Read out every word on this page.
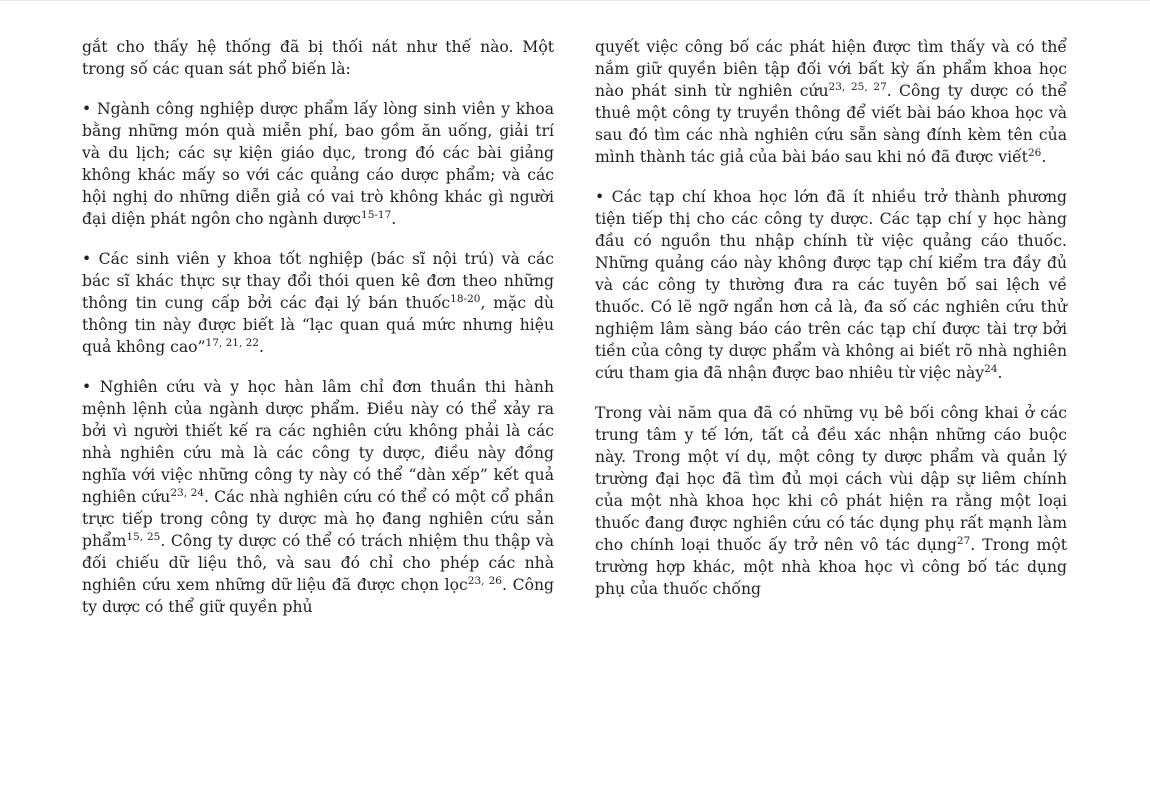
gắt cho thấy hệ thống đã bị thối nát như thế nào. Một trong số các quan sát phổ biến là:

• Ngành công nghiệp dược phẩm lấy lòng sinh viên y khoa bằng những món quà miễn phí, bao gồm ăn uống, giải trí và du lịch; các sự kiện giáo dục, trong đó các bài giảng không khác mấy so với các quảng cáo dược phẩm; và các hội nghị do những diễn giả có vai trò không khác gì người đại diện phát ngôn cho ngành dược$^{15-17}$.

• Các sinh viên y khoa tốt nghiệp (bác sĩ nội trú) và các bác sĩ khác thực sự thay đổi thói quen kê đơn theo những thông tin cung cấp bởi các đại lý bán thuốc$^{18-20}$, mặc dù thông tin này được biết là “lạc quan quá mức nhưng hiệu quả không cao”$^{17, 21, 22}$.

• Nghiên cứu và y học hàn lâm chỉ đơn thuần thi hành mệnh lệnh của ngành dược phẩm. Điều này có thể xảy ra bởi vì người thiết kế ra các nghiên cứu không phải là các nhà nghiên cứu mà là các công ty dược, điều này đồng nghĩa với việc những công ty này có thể “dàn xếp” kết quả nghiên cứu$^{23, 24}$. Các nhà nghiên cứu có thể có một cổ phần trực tiếp trong công ty dược mà họ đang nghiên cứu sản phẩm$^{15, 25}$. Công ty dược có thể có trách nhiệm thu thập và đối chiếu dữ liệu thô, và sau đó chỉ cho phép các nhà nghiên cứu xem những dữ liệu đã được chọn lọc$^{23, 26}$. Công ty dược có thể giữ quyền phủ

quyết việc công bố các phát hiện được tìm thấy và có thể nắm giữ quyền biên tập đối với bất kỳ ấn phẩm khoa học nào phát sinh từ nghiên cứu$^{23, 25, 27}$. Công ty dược có thể thuê một công ty truyền thông để viết bài báo khoa học và sau đó tìm các nhà nghiên cứu sẵn sàng đính kèm tên của mình thành tác giả của bài báo sau khi nó đã được viết$^{26}$.

• Các tạp chí khoa học lớn đã ít nhiều trở thành phương tiện tiếp thị cho các công ty dược. Các tạp chí y học hàng đầu có nguồn thu nhập chính từ việc quảng cáo thuốc. Những quảng cáo này không được tạp chí kiểm tra đầy đủ và các công ty thường đưa ra các tuyên bố sai lệch về thuốc. Có lẽ ngỡ ngẩn hơn cả là, đa số các nghiên cứu thử nghiệm lâm sàng báo cáo trên các tạp chí được tài trợ bởi tiền của công ty dược phẩm và không ai biết rõ nhà nghiên cứu tham gia đã nhận được bao nhiêu từ việc này$^{24}$.

Trong vài năm qua đã có những vụ bê bối công khai ở các trung tâm y tế lớn, tất cả đều xác nhận những cáo buộc này. Trong một ví dụ, một công ty dược phẩm và quản lý trường đại học đã tìm đủ mọi cách vùi dập sự liêm chính của một nhà khoa học khi cô phát hiện ra rằng một loại thuốc đang được nghiên cứu có tác dụng phụ rất mạnh làm cho chính loại thuốc ấy trở nên vô tác dụng$^{27}$. Trong một trường hợp khác, một nhà khoa học vì công bố tác dụng phụ của thuốc chống
